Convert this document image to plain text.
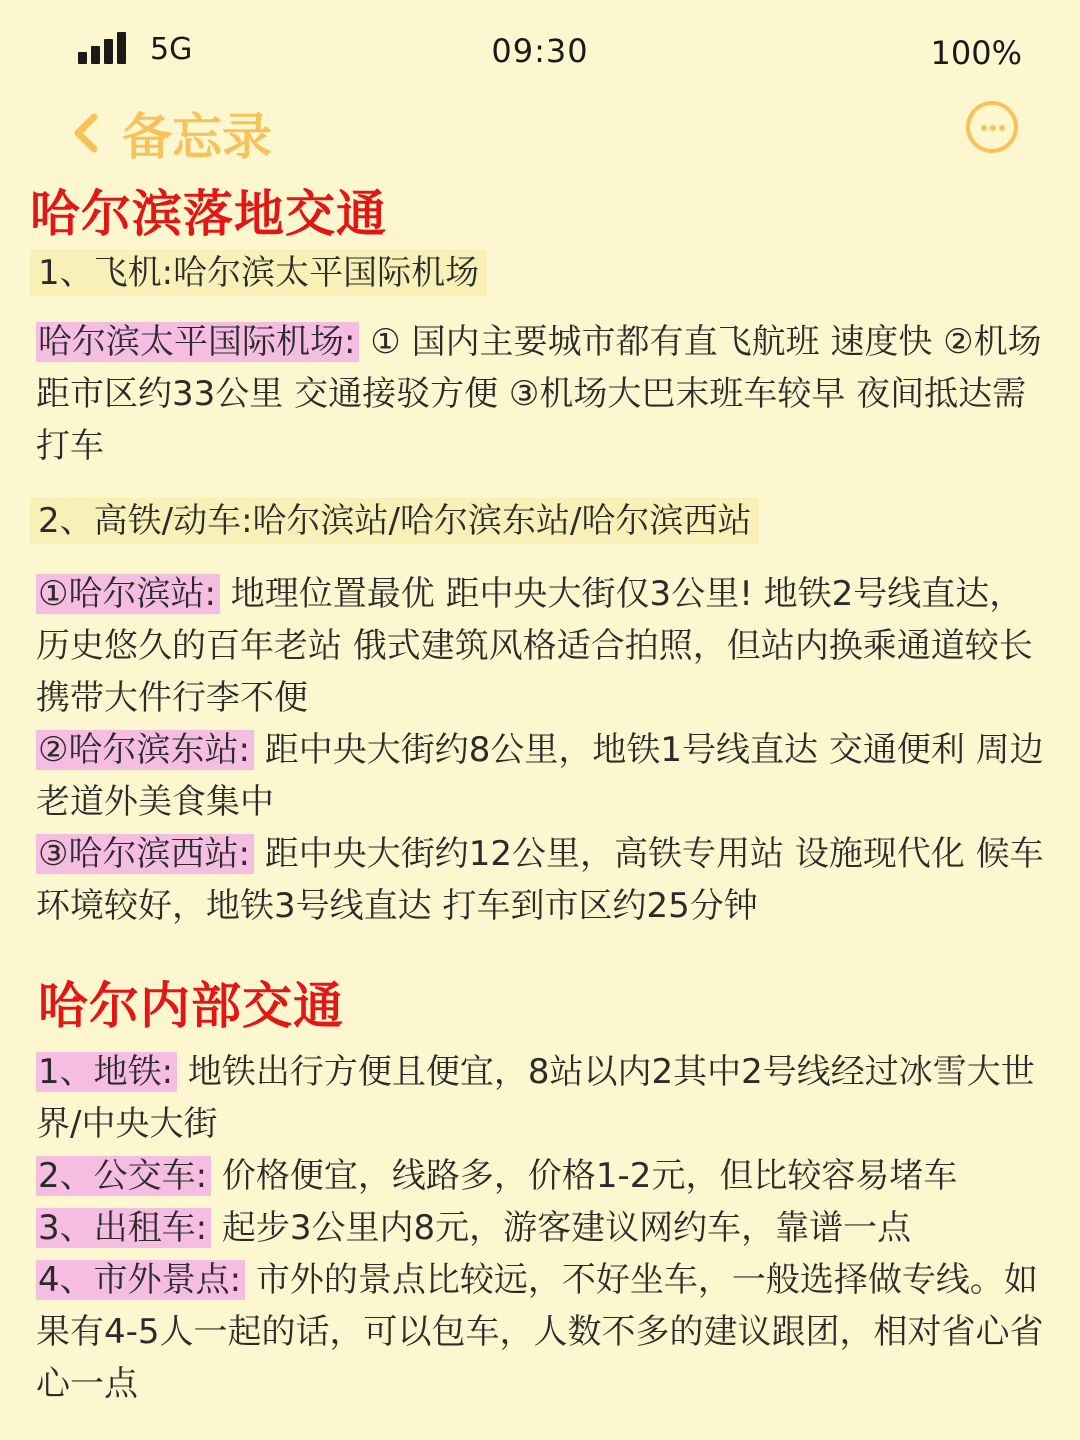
5G	09:30	100%
备忘录
哈尔滨落地交通
1、飞机:哈尔滨太平国际机场
哈尔滨太平国际机场: ① 国内主要城市都有直飞航班 速度快 ②机场距市区约33公里 交通接驳方便 ③机场大巴末班车较早 夜间抵达需打车
2、高铁/动车:哈尔滨站/哈尔滨东站/哈尔滨西站
①哈尔滨站: 地理位置最优 距中央大街仅3公里! 地铁2号线直达，历史悠久的百年老站 俄式建筑风格适合拍照，但站内换乘通道较长 携带大件行李不便
②哈尔滨东站: 距中央大街约8公里，地铁1号线直达 交通便利 周边老道外美食集中
③哈尔滨西站: 距中央大街约12公里，高铁专用站 设施现代化 候车环境较好，地铁3号线直达 打车到市区约25分钟
哈尔内部交通
1、地铁: 地铁出行方便且便宜，8站以内2其中2号线经过冰雪大世界/中央大街
2、公交车: 价格便宜，线路多，价格1-2元，但比较容易堵车
3、出租车: 起步3公里内8元，游客建议网约车，靠谱一点
4、市外景点: 市外的景点比较远，不好坐车，一般选择做专线。如果有4-5人一起的话，可以包车，人数不多的建议跟团，相对省心省心一点
